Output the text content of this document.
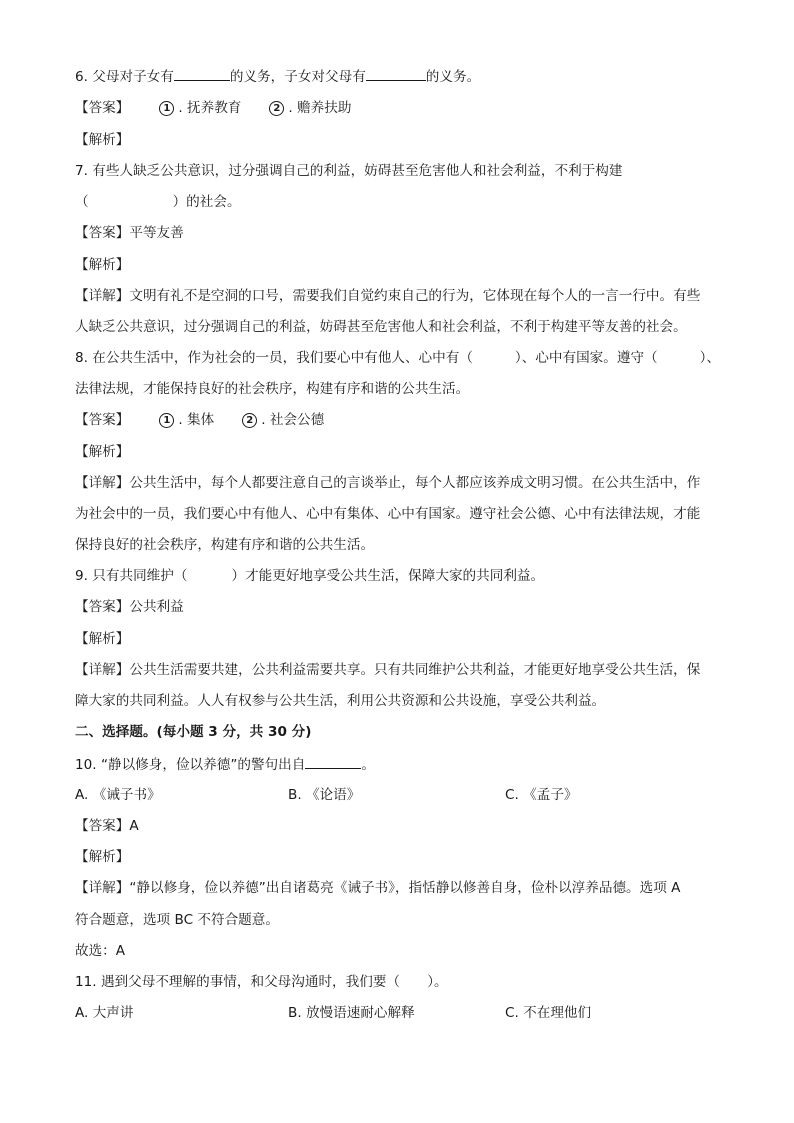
6. 父母对子女有	的义务，子女对父母有	的义务。
【答案】	1 . 抚养教育	2 . 赡养扶助
【解析】
7. 有些人缺乏公共意识，过分强调自己的利益，妨碍甚至危害他人和社会利益，不利于构建
（	）的社会。
【答案】平等友善
【解析】
【详解】文明有礼不是空洞的口号，需要我们自觉约束自己的行为，它体现在每个人的一言一行中。有些
人缺乏公共意识，过分强调自己的利益，妨碍甚至危害他人和社会利益，不利于构建平等友善的社会。
8. 在公共生活中，作为社会的一员，我们要心中有他人、心中有（	）、心中有国家。遵守（	）、
法律法规，才能保持良好的社会秩序，构建有序和谐的公共生活。
【答案】	1 . 集体	2 . 社会公德
【解析】
【详解】公共生活中，每个人都要注意自己的言谈举止，每个人都应该养成文明习惯。在公共生活中，作
为社会中的一员，我们要心中有他人、心中有集体、心中有国家。遵守社会公德、心中有法律法规，才能
保持良好的社会秩序，构建有序和谐的公共生活。
9. 只有共同维护（	）才能更好地享受公共生活，保障大家的共同利益。
【答案】公共利益
【解析】
【详解】公共生活需要共建，公共利益需要共享。只有共同维护公共利益，才能更好地享受公共生活，保
障大家的共同利益。人人有权参与公共生活，利用公共资源和公共设施，享受公共利益。
二、选择题。(每小题 3 分，共 30 分)
10. “静以修身，俭以养德”的警句出自	。
A. 《诫子书》	B. 《论语》	C. 《孟子》
【答案】A
【解析】
【详解】“静以修身，俭以养德”出自诸葛亮《诫子书》，指恬静以修善自身，俭朴以淳养品德。选项 A
符合题意，选项 BC 不符合题意。
故选：A
11. 遇到父母不理解的事情，和父母沟通时，我们要（　　）。
A. 大声讲	B. 放慢语速耐心解释	C. 不在理他们
